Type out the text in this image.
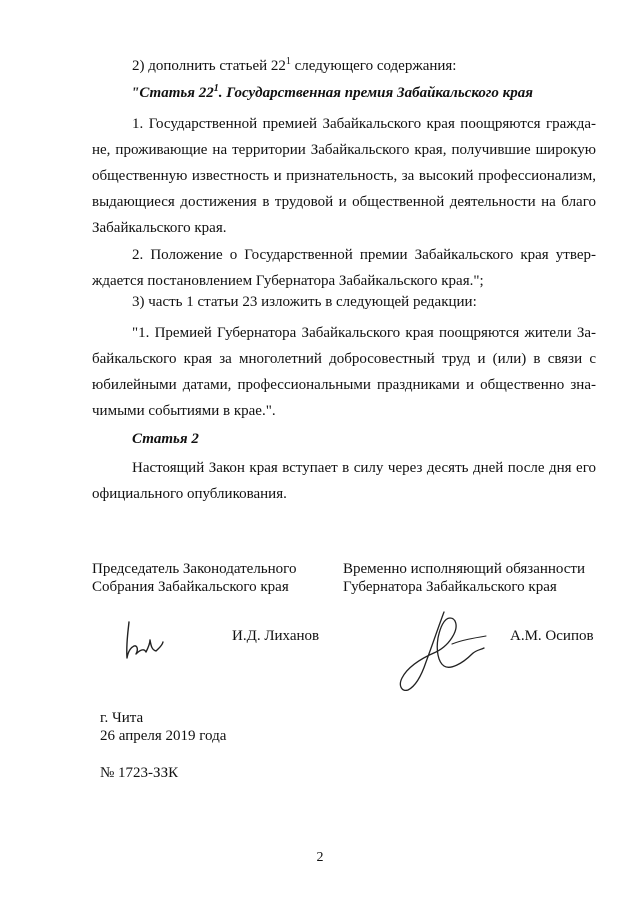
2) дополнить статьей $22^1$ следующего содержания:
"Статья $22^1$. Государственная премия Забайкальского края
1. Государственной премией Забайкальского края поощряются гражда-
не, проживающие на территории Забайкальского края, получившие широкую
общественную известность и признательность, за высокий профессионализм,
выдающиеся достижения в трудовой и общественной деятельности на благо
Забайкальского края.
2. Положение о Государственной премии Забайкальского края утвер-
ждается постановлением Губернатора Забайкальского края.";
3) часть 1 статьи 23 изложить в следующей редакции:
"1. Премией Губернатора Забайкальского края поощряются жители За-
байкальского края за многолетний добросовестный труд и (или) в связи с
юбилейными датами, профессиональными праздниками и общественно зна-
чимыми событиями в крае.".
Статья 2
Настоящий Закон края вступает в силу через десять дней после дня его
официального опубликования.
Председатель Законодательного
Собрания Забайкальского края
И.Д. Лиханов
Временно исполняющий обязанности
Губернатора Забайкальского края
А.М. Осипов
г. Чита
26 апреля 2019 года
№ 1723-ЗЗК
2
